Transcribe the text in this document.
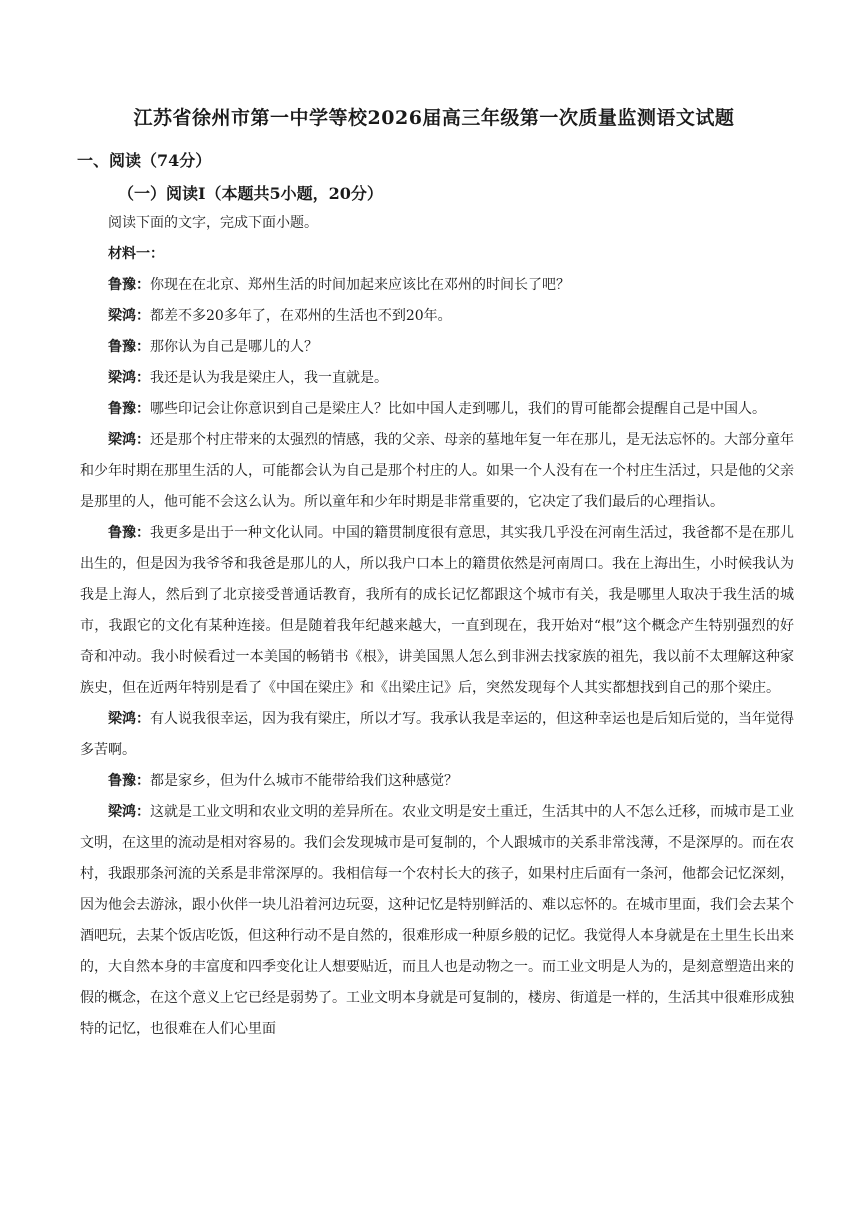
江苏省徐州市第一中学等校2026届高三年级第一次质量监测语文试题
一、阅读（74分）
（一）阅读Ⅰ（本题共5小题，20分）

阅读下面的文字，完成下面小题。

材料一：

鲁豫：你现在在北京、郑州生活的时间加起来应该比在邓州的时间长了吧？

梁鸿：都差不多20多年了，在邓州的生活也不到20年。

鲁豫：那你认为自己是哪儿的人？

梁鸿：我还是认为我是梁庄人，我一直就是。

鲁豫：哪些印记会让你意识到自己是梁庄人？比如中国人走到哪儿，我们的胃可能都会提醒自己是中国人。

梁鸿：还是那个村庄带来的太强烈的情感，我的父亲、母亲的墓地年复一年在那儿，是无法忘怀的。大部分童年和少年时期在那里生活的人，可能都会认为自己是那个村庄的人。如果一个人没有在一个村庄生活过，只是他的父亲是那里的人，他可能不会这么认为。所以童年和少年时期是非常重要的，它决定了我们最后的心理指认。

鲁豫：我更多是出于一种文化认同。中国的籍贯制度很有意思，其实我几乎没在河南生活过，我爸都不是在那儿出生的，但是因为我爷爷和我爸是那儿的人，所以我户口本上的籍贯依然是河南周口。我在上海出生，小时候我认为我是上海人，然后到了北京接受普通话教育，我所有的成长记忆都跟这个城市有关，我是哪里人取决于我生活的城市，我跟它的文化有某种连接。但是随着我年纪越来越大，一直到现在，我开始对“根”这个概念产生特别强烈的好奇和冲动。我小时候看过一本美国的畅销书《根》，讲美国黑人怎么到非洲去找家族的祖先，我以前不太理解这种家族史，但在近两年特别是看了《中国在梁庄》和《出梁庄记》后，突然发现每个人其实都想找到自己的那个梁庄。

梁鸿：有人说我很幸运，因为我有梁庄，所以才写。我承认我是幸运的，但这种幸运也是后知后觉的，当年觉得多苦啊。

鲁豫：都是家乡，但为什么城市不能带给我们这种感觉？

梁鸿：这就是工业文明和农业文明的差异所在。农业文明是安土重迁，生活其中的人不怎么迁移，而城市是工业文明，在这里的流动是相对容易的。我们会发现城市是可复制的，个人跟城市的关系非常浅薄，不是深厚的。而在农村，我跟那条河流的关系是非常深厚的。我相信每一个农村长大的孩子，如果村庄后面有一条河，他都会记忆深刻，因为他会去游泳，跟小伙伴一块儿沿着河边玩耍，这种记忆是特别鲜活的、难以忘怀的。在城市里面，我们会去某个酒吧玩，去某个饭店吃饭，但这种行动不是自然的，很难形成一种原乡般的记忆。我觉得人本身就是在土里生长出来的，大自然本身的丰富度和四季变化让人想要贴近，而且人也是动物之一。而工业文明是人为的，是刻意塑造出来的假的概念，在这个意义上它已经是弱势了。工业文明本身就是可复制的，楼房、街道是一样的，生活其中很难形成独特的记忆，也很难在人们心里面
